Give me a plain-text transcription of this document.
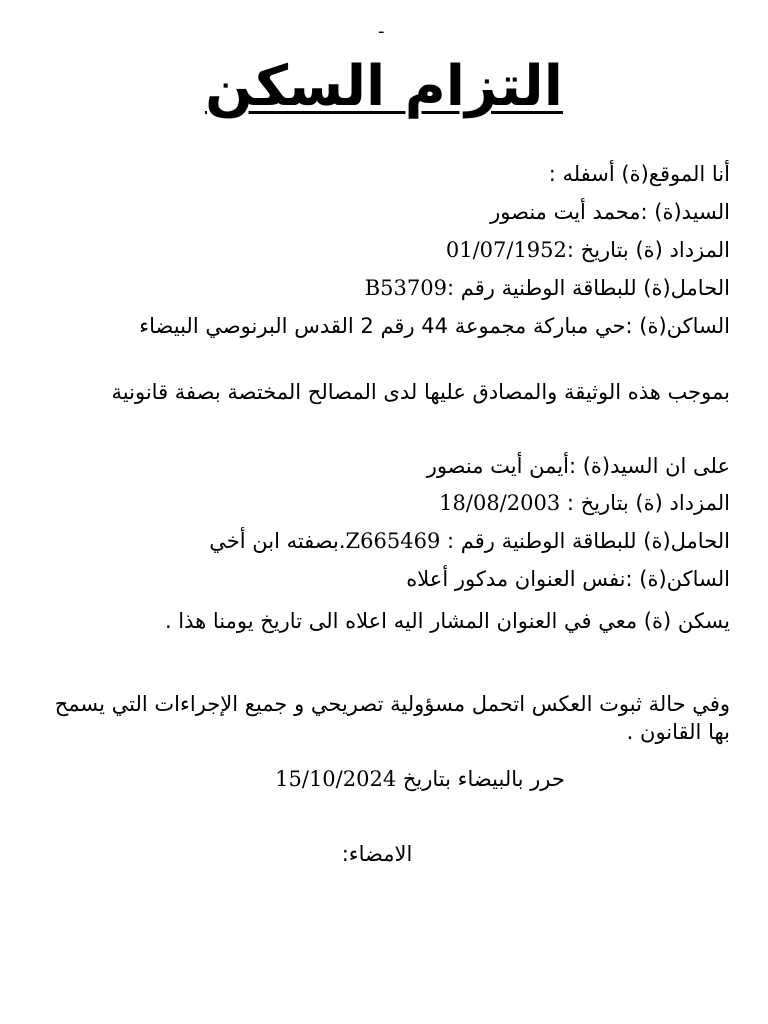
-
التزام السكن
أنا الموقع(ة) أسفله :
السيد(ة) :محمد أيت منصور
المزداد (ة) بتاريخ :01/07/1952
الحامل(ة) للبطاقة الوطنية رقم :B53709
الساكن(ة) :حي مباركة مجموعة 44 رقم 2 القدس البرنوصي البيضاء
بموجب هذه الوثيقة والمصادق عليها لدى المصالح المختصة بصفة قانونية
على ان السيد(ة) :أيمن أيت منصور
المزداد (ة) بتاريخ : 18/08/2003
الحامل(ة) للبطاقة الوطنية رقم : Z665469.بصفته ابن أخي
الساكن(ة) :نفس العنوان مدكور أعلاه
يسكن (ة) معي في العنوان المشار اليه اعلاه الى تاريخ يومنا هذا .
وفي حالة ثبوت العكس اتحمل مسؤولية تصريحي و جميع الإجراءات التي يسمح بها القانون .
حرر بالبيضاء بتاريخ 15/10/2024
الامضاء:
